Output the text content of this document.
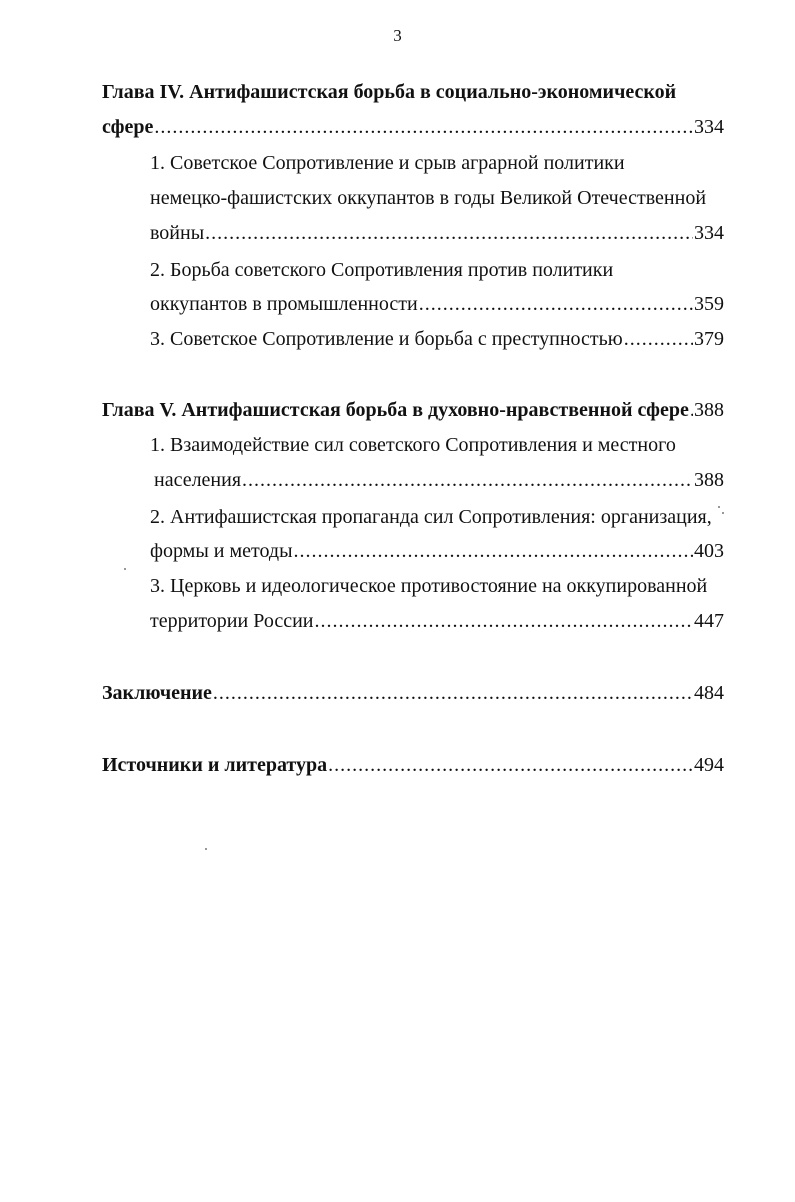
3
Глава IV. Антифашистская борьба в социально-экономической
сфере .....	334
1. Советское Сопротивление и срыв аграрной политики
немецко-фашистских оккупантов в годы Великой Отечественной
войны .....	334
2. Борьба советского Сопротивления против политики
оккупантов в промышленности .....	359
3. Советское Сопротивление и борьба с преступностью .....	379
Глава V. Антифашистская борьба в духовно-нравственной сфере ..... 388
1. Взаимодействие сил советского Сопротивления и местного
населения .....	388
2. Антифашистская пропаганда сил Сопротивления: организация,
формы и методы .....	403
3. Церковь и идеологическое противостояние на оккупированной
территории России .....	447
Заключение .....	484
Источники и литература .....	494
